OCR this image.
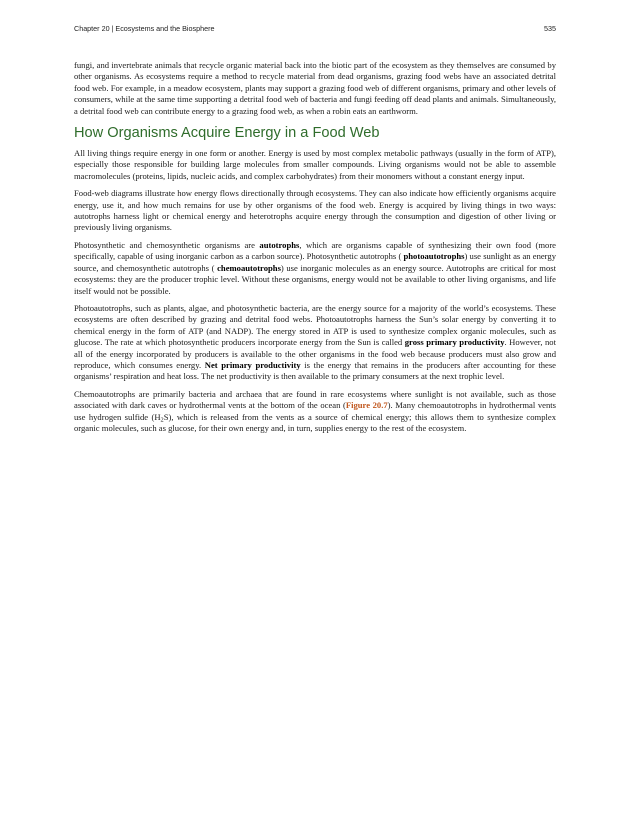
Chapter 20 | Ecosystems and the Biosphere	535

fungi, and invertebrate animals that recycle organic material back into the biotic part of the ecosystem as they themselves are consumed by other organisms. As ecosystems require a method to recycle material from dead organisms, grazing food webs have an associated detrital food web. For example, in a meadow ecosystem, plants may support a grazing food web of different organisms, primary and other levels of consumers, while at the same time supporting a detrital food web of bacteria and fungi feeding off dead plants and animals. Simultaneously, a detrital food web can contribute energy to a grazing food web, as when a robin eats an earthworm.

How Organisms Acquire Energy in a Food Web

All living things require energy in one form or another. Energy is used by most complex metabolic pathways (usually in the form of ATP), especially those responsible for building large molecules from smaller compounds. Living organisms would not be able to assemble macromolecules (proteins, lipids, nucleic acids, and complex carbohydrates) from their monomers without a constant energy input.

Food-web diagrams illustrate how energy flows directionally through ecosystems. They can also indicate how efficiently organisms acquire energy, use it, and how much remains for use by other organisms of the food web. Energy is acquired by living things in two ways: autotrophs harness light or chemical energy and heterotrophs acquire energy through the consumption and digestion of other living or previously living organisms.

Photosynthetic and chemosynthetic organisms are autotrophs, which are organisms capable of synthesizing their own food (more specifically, capable of using inorganic carbon as a carbon source). Photosynthetic autotrophs ( photoautotrophs) use sunlight as an energy source, and chemosynthetic autotrophs ( chemoautotrophs) use inorganic molecules as an energy source. Autotrophs are critical for most ecosystems: they are the producer trophic level. Without these organisms, energy would not be available to other living organisms, and life itself would not be possible.

Photoautotrophs, such as plants, algae, and photosynthetic bacteria, are the energy source for a majority of the world’s ecosystems. These ecosystems are often described by grazing and detrital food webs. Photoautotrophs harness the Sun’s solar energy by converting it to chemical energy in the form of ATP (and NADP). The energy stored in ATP is used to synthesize complex organic molecules, such as glucose. The rate at which photosynthetic producers incorporate energy from the Sun is called gross primary productivity. However, not all of the energy incorporated by producers is available to the other organisms in the food web because producers must also grow and reproduce, which consumes energy. Net primary productivity is the energy that remains in the producers after accounting for these organisms’ respiration and heat loss. The net productivity is then available to the primary consumers at the next trophic level.

Chemoautotrophs are primarily bacteria and archaea that are found in rare ecosystems where sunlight is not available, such as those associated with dark caves or hydrothermal vents at the bottom of the ocean (Figure 20.7). Many chemoautotrophs in hydrothermal vents use hydrogen sulfide $(H_2S)$, which is released from the vents as a source of chemical energy; this allows them to synthesize complex organic molecules, such as glucose, for their own energy and, in turn, supplies energy to the rest of the ecosystem.
